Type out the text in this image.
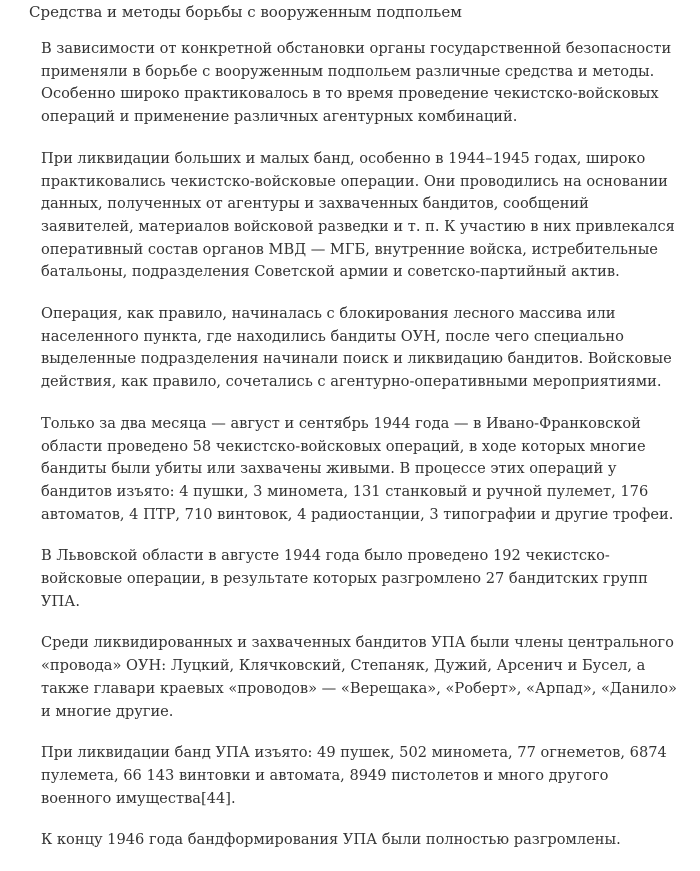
Средства и методы борьбы с вооруженным подпольем

В зависимости от конкретной обстановки органы государственной безопасности применяли в борьбе с вооруженным подпольем различные средства и методы. Особенно широко практиковалось в то время проведение чекистско-войсковых операций и применение различных агентурных комбинаций.

При ликвидации больших и малых банд, особенно в 1944–1945 годах, широко практиковались чекистско-войсковые операции. Они проводились на основании данных, полученных от агентуры и захваченных бандитов, сообщений заявителей, материалов войсковой разведки и т. п. К участию в них привлекался оперативный состав органов МВД — МГБ, внутренние войска, истребительные батальоны, подразделения Советской армии и советско-партийный актив.

Операция, как правило, начиналась с блокирования лесного массива или населенного пункта, где находились бандиты ОУН, после чего специально выделенные подразделения начинали поиск и ликвидацию бандитов. Войсковые действия, как правило, сочетались с агентурно-оперативными мероприятиями.

Только за два месяца — август и сентябрь 1944 года — в Ивано-Франковской области проведено 58 чекистско-войсковых операций, в ходе которых многие бандиты были убиты или захвачены живыми. В процессе этих операций у бандитов изъято: 4 пушки, 3 миномета, 131 станковый и ручной пулемет, 176 автоматов, 4 ПТР, 710 винтовок, 4 радиостанции, 3 типографии и другие трофеи.

В Львовской области в августе 1944 года было проведено 192 чекистско-войсковые операции, в результате которых разгромлено 27 бандитских групп УПА.

Среди ликвидированных и захваченных бандитов УПА были члены центрального «провода» ОУН: Луцкий, Клячковский, Степаняк, Дужий, Арсенич и Бусел, а также главари краевых «проводов» — «Верещака», «Роберт», «Арпад», «Данило» и многие другие.

При ликвидации банд УПА изъято: 49 пушек, 502 миномета, 77 огнеметов, 6874 пулемета, 66 143 винтовки и автомата, 8949 пистолетов и много другого военного имущества[44].

К концу 1946 года бандформирования УПА были полностью разгромлены.
